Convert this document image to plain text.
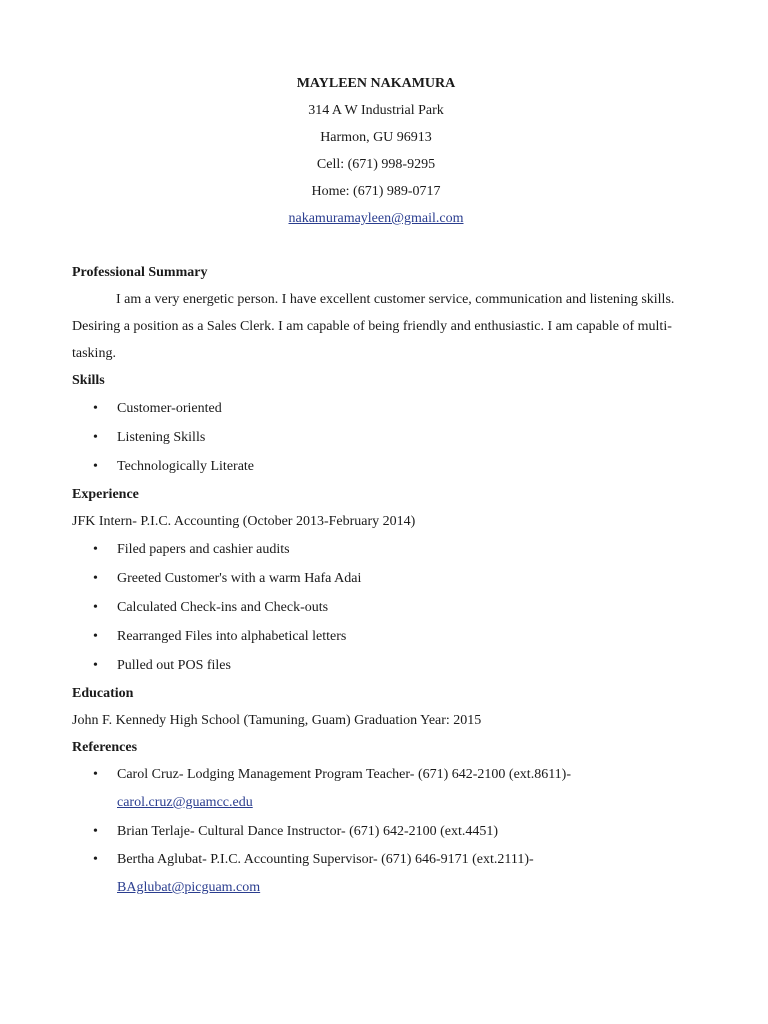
MAYLEEN NAKAMURA
314 A W Industrial Park
Harmon, GU 96913
Cell: (671) 998-9295
Home: (671) 989-0717
nakamuramayleen@gmail.com
Professional Summary

I am a very energetic person. I have excellent customer service, communication and listening skills. Desiring a position as a Sales Clerk. I am capable of being friendly and enthusiastic. I am capable of multi-tasking.

Skills
• Customer-oriented
• Listening Skills
• Technologically Literate
Experience
JFK Intern- P.I.C. Accounting (October 2013-February 2014)
• Filed papers and cashier audits
• Greeted Customer's with a warm Hafa Adai
• Calculated Check-ins and Check-outs
• Rearranged Files into alphabetical letters
• Pulled out POS files
Education
John F. Kennedy High School (Tamuning, Guam) Graduation Year: 2015
References
• Carol Cruz- Lodging Management Program Teacher- (671) 642-2100 (ext.8611)-
carol.cruz@guamcc.edu
• Brian Terlaje- Cultural Dance Instructor- (671) 642-2100 (ext.4451)
• Bertha Aglubat- P.I.C. Accounting Supervisor- (671) 646-9171 (ext.2111)-
BAglubat@picguam.com
